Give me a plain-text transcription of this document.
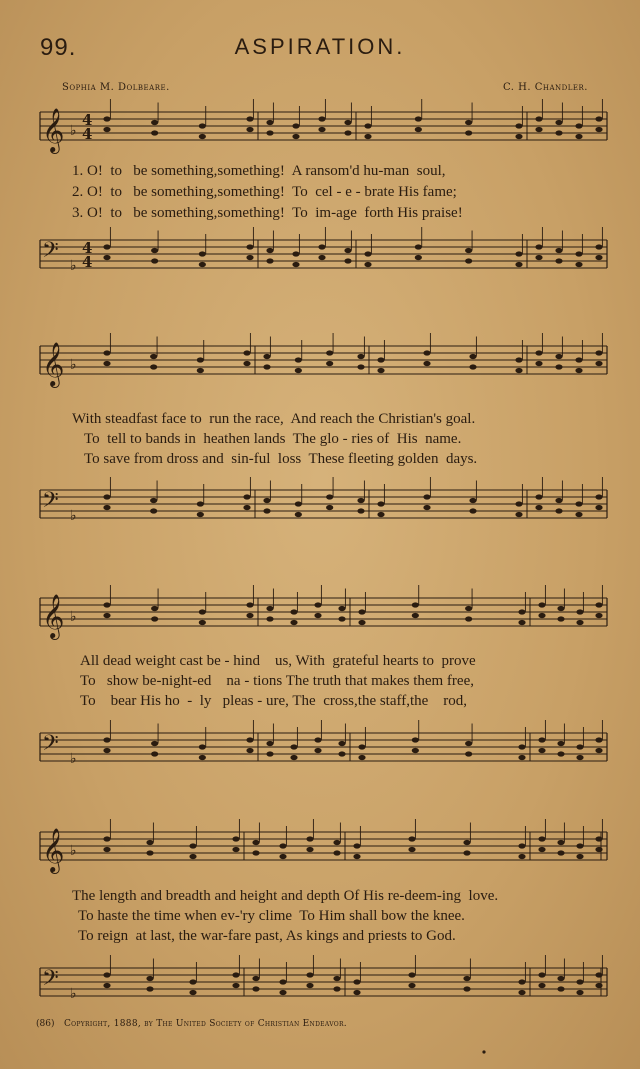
99.	ASPIRATION.
Sophia M. Dolbeare.	C. H. Chandler.
𝄞 ♭
𝄢 ♭
4
4
4
4
𝄞 ♭
𝄢 ♭
𝄞 ♭
𝄢 ♭
𝄞 ♭
𝄢 ♭
1. O!  to   be something,something!  A ransom'd hu-man  soul,
2. O!  to   be something,something!  To  cel - e - brate His fame;
3. O!  to   be something,something!  To  im-age  forth His praise!
With steadfast face to  run the race,  And reach the Christian's goal.
To  tell to bands in  heathen lands  The glo - ries of  His  name.
To save from dross and  sin-ful  loss  These fleeting golden  days.
All dead weight cast be - hind    us, With  grateful hearts to  prove
To   show be-night-ed    na - tions The truth that makes them free,
To    bear His ho  -  ly   pleas - ure, The  cross,the staff,the    rod,
The length and breadth and height and depth Of His re-deem-ing  love.
To haste the time when ev-'ry clime  To Him shall bow the knee.
To reign  at last, the war-fare past, As kings and priests to God.
(86) Copyright, 1888, by The United Society of Christian Endeavor.
